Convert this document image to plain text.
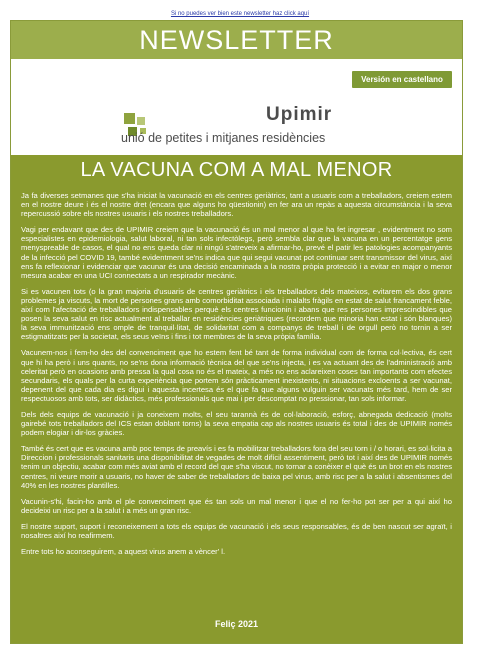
Si no puedes ver bien este newsletter haz click aquí
NEWSLETTER
Versión en castellano
Upimir
unió de petites i mitjanes residències
LA VACUNA COM A MAL MENOR

Ja fa diverses setmanes que s'ha iniciat la vacunació en els centres geriàtrics, tant a usuaris com a treballadors, creiem estem en el nostre deure i és el nostre dret (encara que alguns ho qüestionin) en fer ara un repàs a aquesta circumstància i la seva repercussió sobre els nostres usuaris i els nostres treballadors.

Vagi per endavant que des de UPIMIR creiem que la vacunació és un mal menor al que ha fet ingresar , evidentment no som especialistes en epidemiologia, salut laboral, ni tan sols infectòlegs, però sembla clar que la vacuna en un percentatge gens menyspreable de casos, el qual no ens queda clar ni ningú s'atreveix a afirmar-ho, prevé el patir les patologies acompanyants de la infecció pel COVID 19, també evidentment se'ns indica que qui segui vacunat pot continuar sent transmissor del virus, així ens fa reflexionar i evidenciar que vacunar és una decisió encaminada a la nostra pròpia protecció i a evitar en major o menor mesura acabar en una UCI connectats a un respirador mecànic.

Si es vacunen tots (o la gran majoria d'usuaris de centres geriàtrics i els treballadors dels mateixos, evitarem els dos grans problemes ja viscuts, la mort de persones grans amb comorbiditat associada i malalts fràgils en estat de salut francament feble, així com l'afectació de treballadors indispensables perquè els centres funcionin i abans que res persones imprescindibles que posen la seva salut en risc actualment al treballar en residències geriàtriques (recordem que minoria han estat i són blanques) la seva immunització ens omple de tranquil·litat, de solidaritat com a companys de treball i de orgull però no tornin a ser estigmatitzats per la societat, els seus veïns i fins i tot membres de la seva pròpia família.

Vacunem-nos i fem-ho des del convenciment que ho estem fent bé tant de forma individual com de forma col·lectiva, és cert que hi ha però i uns quants, no se'ns dona informació tècnica del que se'ns injecta, i es va actuant des de l'administració amb celeritat però en ocasions amb pressa la qual cosa no és el mateix, a més no ens aclareixen coses tan importants com efectes secundaris, els quals per la curta experiència que portem són pràcticament inexistents, ni situacions excloents a ser vacunat, depenent del que cada dia es digui i aquesta incertesa és el que fa que alguns vulguin ser vacunats més tard, hem de ser respectuosos amb tots, ser didàctics, més professionals que mai i per descomptat no pressionar, tan sols informar.

Dels dels equips de vacunació i ja coneixem molts, el seu tarannà és de col·laboració, esforç, abnegada dedicació (molts gairebé tots treballadors del ICS estan doblant torns) la seva empatia cap als nostres usuaris és total i des de UPIMIR només podem elogiar i dir-los gràcies.

També és cert que es vacuna amb poc temps de preavís i es fa mobilitzar treballadors fora del seu torn i / o horari, es sol·licita a Direccion i professionals sanitaris una disponibilitat de vegades de molt difícil assentiment, però tot i així des de UPIMIR només tenim un objectiu, acabar com més aviat amb el record del que s'ha viscut, no tornar a conèixer el què és un brot en els nostres centres, ni veure morir a usuaris, no haver de saber de treballadors de baixa pel virus, amb risc per a la salut i absentismes del 40% en les nostres plantilles.

Vacunin-s'hi, facin-ho amb el ple convenciment que és tan sols un mal menor i que el no fer-ho pot ser per a qui així ho decideixi un risc per a la salut i a més un gran risc.

El nostre suport, suport i reconeixement a tots els equips de vacunació i els seus responsables, és de ben nascut ser agraït, i nosaltres així ho reafirmem.

Entre tots ho aconseguirem, a aquest virus anem a vèncer' l.

Feliç 2021
